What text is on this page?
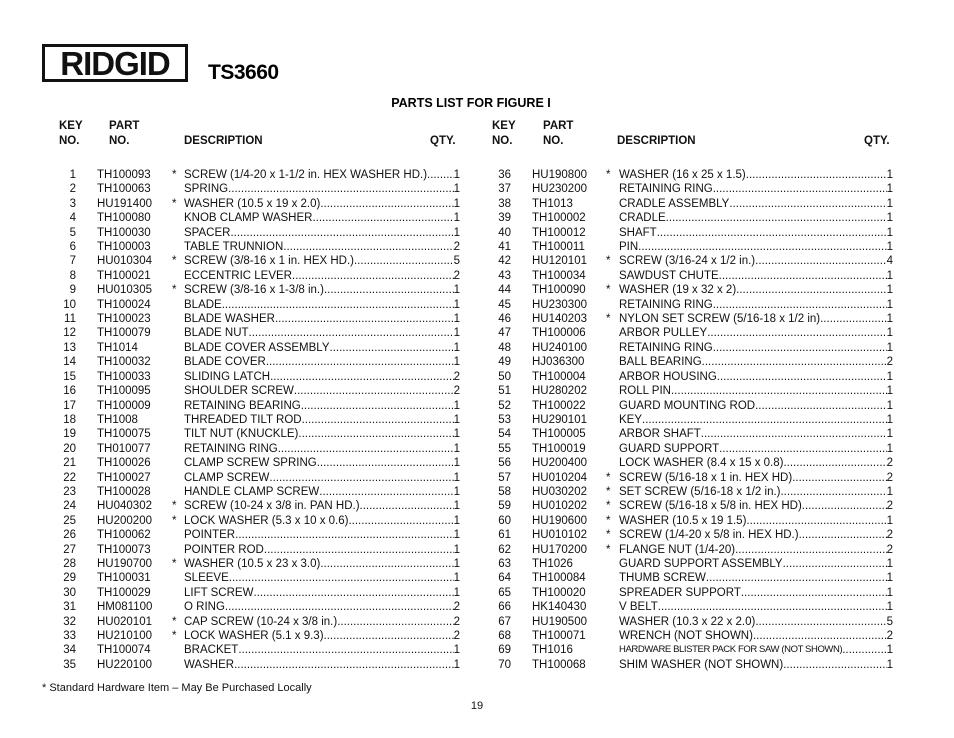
RIDGID TS3660
PARTS LIST FOR FIGURE I
KEY
NO.
PART
NO.	DESCRIPTION	QTY.
1 TH100093 * SCREW (1/4-20 x 1-1/2 in. HEX WASHER HD.) ..... 1
2 TH100063	SPRING .....	1
3 HU191400 * WASHER (10.5 x 19 x 2.0) .....	1
4 TH100080	KNOB CLAMP WASHER .....	1
5 TH100030	SPACER .....	1
6 TH100003	TABLE TRUNNION .....	2
7 HU010304 * SCREW (3/8-16 x 1 in. HEX HD.) .....	5
8 TH100021	ECCENTRIC LEVER .....	2
9 HU010305 * SCREW (3/8-16 x 1-3/8 in.) .....	1
10 TH100024	BLADE .....	1
11 TH100023	BLADE WASHER .....	1
12 TH100079	BLADE NUT .....	1
13 TH1014	BLADE COVER ASSEMBLY .....	1
14 TH100032	BLADE COVER .....	1
15 TH100033	SLIDING LATCH .....	2
16 TH100095	SHOULDER SCREW .....	2
17 TH100009	RETAINING BEARING .....	1
18 TH1008	THREADED TILT ROD .....	1
19 TH100075	TILT NUT (KNUCKLE) .....	1
20 TH010077	RETAINING RING .....	1
21 TH100026	CLAMP SCREW SPRING .....	1
22 TH100027	CLAMP SCREW .....	1
23 TH100028	HANDLE CLAMP SCREW .....	1
24 HU040302 * SCREW (10-24 x 3/8 in. PAN HD.) .....	1
25 HU200200 * LOCK WASHER (5.3 x 10 x 0.6) .....	1
26 TH100062	POINTER .....	1
27 TH100073	POINTER ROD .....	1
28 HU190700 * WASHER (10.5 x 23 x 3.0) .....	1
29 TH100031	SLEEVE .....	1
30 TH100029	LIFT SCREW .....	1
31 HM081100	O RING .....	2
32 HU020101 * CAP SCREW (10-24 x 3/8 in.) .....	2
33 HU210100 * LOCK WASHER (5.1 x 9.3) .....	2
34 TH100074	BRACKET .....	1
35 HU220100	WASHER .....	1
KEY
NO.
PART
NO.	DESCRIPTION	QTY.
36 HU190800 * WASHER (16 x 25 x 1.5) .....	1
37 HU230200	RETAINING RING .....	1
38 TH1013	CRADLE ASSEMBLY .....	1
39 TH100002	CRADLE .....	1
40 TH100012	SHAFT .....	1
41 TH100011	PIN .....	1
42 HU120101 * SCREW (3/16-24 x 1/2 in.) .....	4
43 TH100034	SAWDUST CHUTE .....	1
44 TH100090 * WASHER (19 x 32 x 2) .....	1
45 HU230300	RETAINING RING .....	1
46 HU140203 * NYLON SET SCREW (5/16-18 x 1/2 in) .....	1
47 TH100006	ARBOR PULLEY .....	1
48 HU240100	RETAINING RING .....	1
49 HJ036300	BALL BEARING .....	2
50 TH100004	ARBOR HOUSING .....	1
51 HU280202	ROLL PIN .....	1
52 TH100022	GUARD MOUNTING ROD .....	1
53 HU290101	KEY .....	1
54 TH100005	ARBOR SHAFT .....	1
55 TH100019	GUARD SUPPORT .....	1
56 HU200400	LOCK WASHER (8.4 x 15 x 0.8) .....	2
57 HU010204 * SCREW (5/16-18 x 1 in. HEX HD) .....	2
58 HU030202 * SET SCREW (5/16-18 x 1/2 in.) .....	1
59 HU010202 * SCREW (5/16-18 x 5/8 in. HEX HD) .....	2
60 HU190600 * WASHER (10.5 x 19 1.5) .....	1
61 HU010102 * SCREW (1/4-20 x 5/8 in. HEX HD.) .....	2
62 HU170200 * FLANGE NUT (1/4-20) .....	2
63 TH1026	GUARD SUPPORT ASSEMBLY .....	1
64 TH100084	THUMB SCREW .....	1
65 TH100020	SPREADER SUPPORT .....	1
66 HK140430	V BELT .....	1
67 HU190500	WASHER (10.3 x 22 x 2.0) .....	5
68 TH100071	WRENCH (NOT SHOWN) .....	2
69 TH1016	HARDWARE BLISTER PACK FOR SAW (NOT SHOWN) .....	1
70 TH100068	SHIM WASHER (NOT SHOWN). .....	1
* Standard Hardware Item – May Be Purchased Locally
19
